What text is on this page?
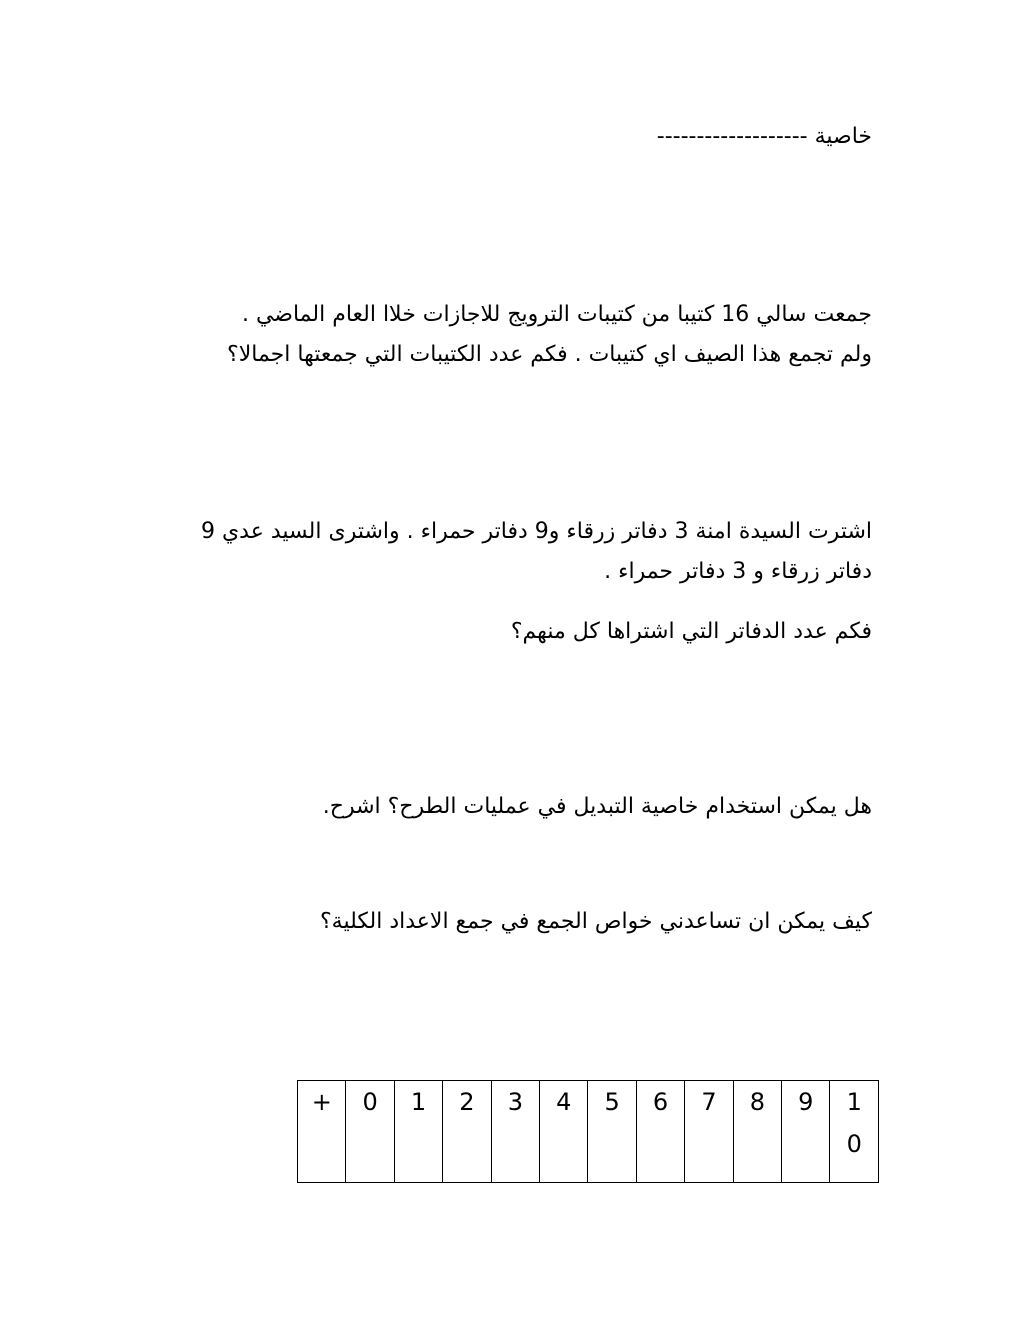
خاصية -------------------
جمعت سالي 16 كتيبا من كتيبات الترويج للاجازات خلاا العام الماضي .
ولم تجمع هذا الصيف اي كتيبات . فكم عدد الكتيبات التي جمعتها اجمالا؟
اشترت السيدة امنة 3 دفاتر زرقاء و9 دفاتر حمراء . واشترى السيد عدي 9 دفاتر زرقاء و 3 دفاتر حمراء .
فكم عدد الدفاتر التي اشتراها كل منهم؟
هل يمكن استخدام خاصية التبديل في عمليات الطرح؟ اشرح.
كيف يمكن ان تساعدني خواص الجمع في جمع الاعداد الكلية؟
+	0	1	2	3	4	5	6	7	8	9	10
